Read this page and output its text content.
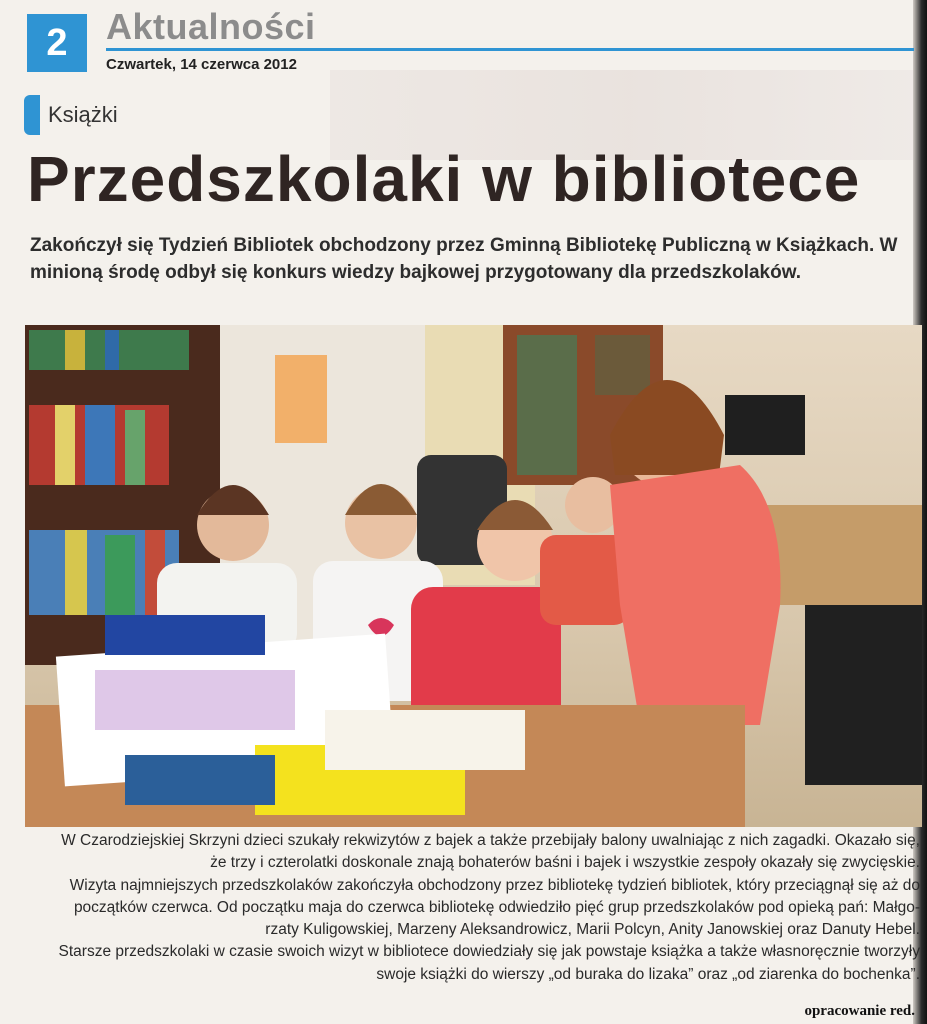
2	Aktualności
Czwartek, 14 czerwca 2012
Książki
Przedszkolaki w bibliotece
Zakończył się Tydzień Bibliotek obchodzony przez Gminną Bibliotekę Publiczną w Książkach. W minioną środę odbył się konkurs wiedzy bajkowej przygotowany dla przedszkolaków.

W Czarodziejskiej Skrzyni dzieci szukały rekwizytów z bajek a także przebijały balony uwalniając z nich zagadki. Okazało się,

że trzy i czterolatki doskonale znają bohaterów baśni i bajek i wszystkie zespoły okazały się zwycięskie.

Wizyta najmniejszych przedszkolaków zakończyła obchodzony przez bibliotekę tydzień bibliotek, który przeciągnął się aż do

początków czerwca. Od początku maja do czerwca bibliotekę odwiedziło pięć grup przedszkolaków pod opieką pań: Małgo-

rzaty Kuligowskiej, Marzeny Aleksandrowicz, Marii Polcyn, Anity Janowskiej oraz Danuty Hebel.

Starsze przedszkolaki w czasie swoich wizyt w bibliotece dowiedziały się jak powstaje książka a także własnoręcznie tworzyły

swoje książki do wierszy „od buraka do lizaka” oraz „od ziarenka do bochenka”.

opracowanie red.
